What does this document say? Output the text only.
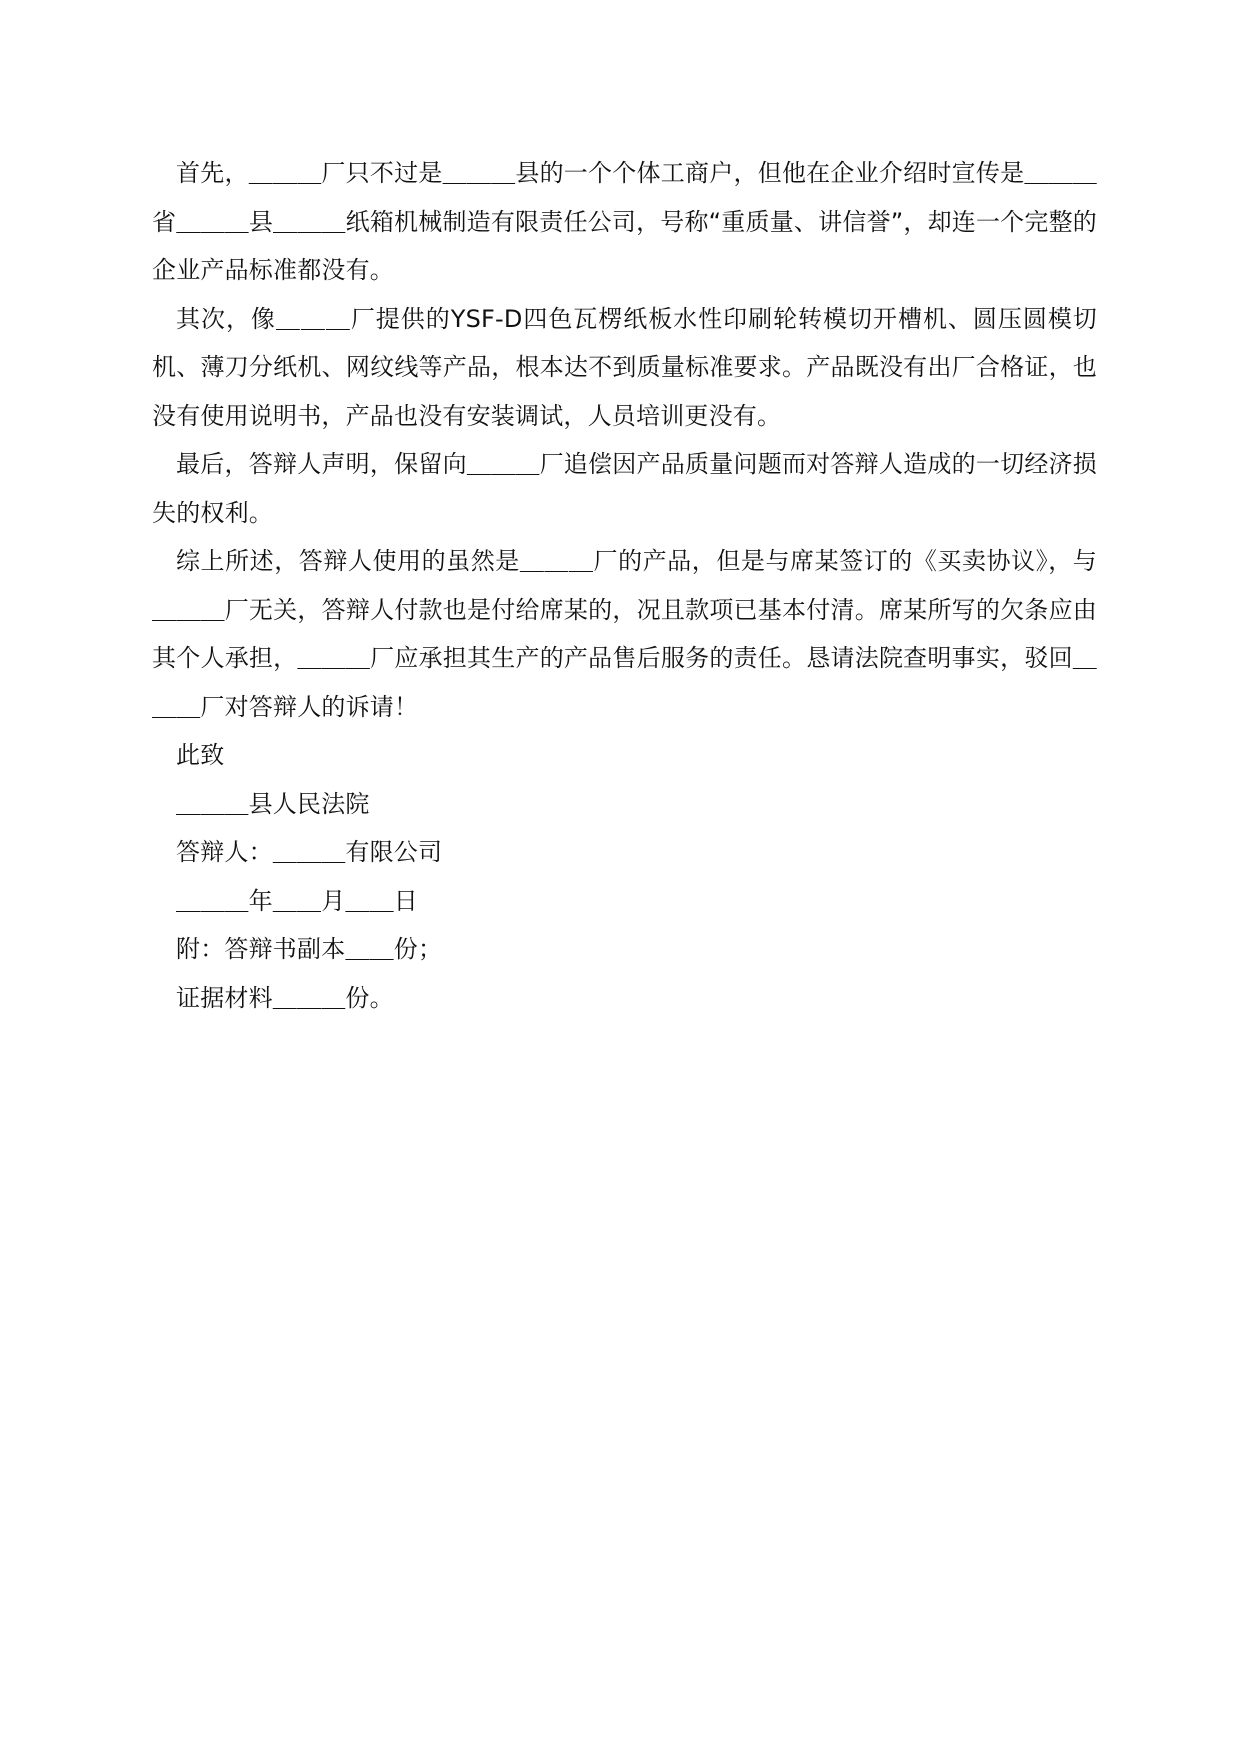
首先，＿＿＿厂只不过是＿＿＿县的一个个体工商户，但他在企业介绍时宣传是＿＿＿省＿＿＿县＿＿＿纸箱机械制造有限责任公司，号称“重质量、讲信誉”，却连一个完整的企业产品标准都没有。

其次，像＿＿＿厂提供的YSF-D四色瓦楞纸板水性印刷轮转模切开槽机、圆压圆模切机、薄刀分纸机、网纹线等产品，根本达不到质量标准要求。产品既没有出厂合格证，也没有使用说明书，产品也没有安装调试，人员培训更没有。

最后，答辩人声明，保留向＿＿＿厂追偿因产品质量问题而对答辩人造成的一切经济损失的权利。

综上所述，答辩人使用的虽然是＿＿＿厂的产品，但是与席某签订的《买卖协议》，与＿＿＿厂无关，答辩人付款也是付给席某的，况且款项已基本付清。席某所写的欠条应由其个人承担，＿＿＿厂应承担其生产的产品售后服务的责任。恳请法院查明事实，驳回＿＿＿厂对答辩人的诉请！

此致

＿＿＿县人民法院

答辩人：＿＿＿有限公司

＿＿＿年＿＿月＿＿日

附：答辩书副本＿＿份；

证据材料＿＿＿份。
